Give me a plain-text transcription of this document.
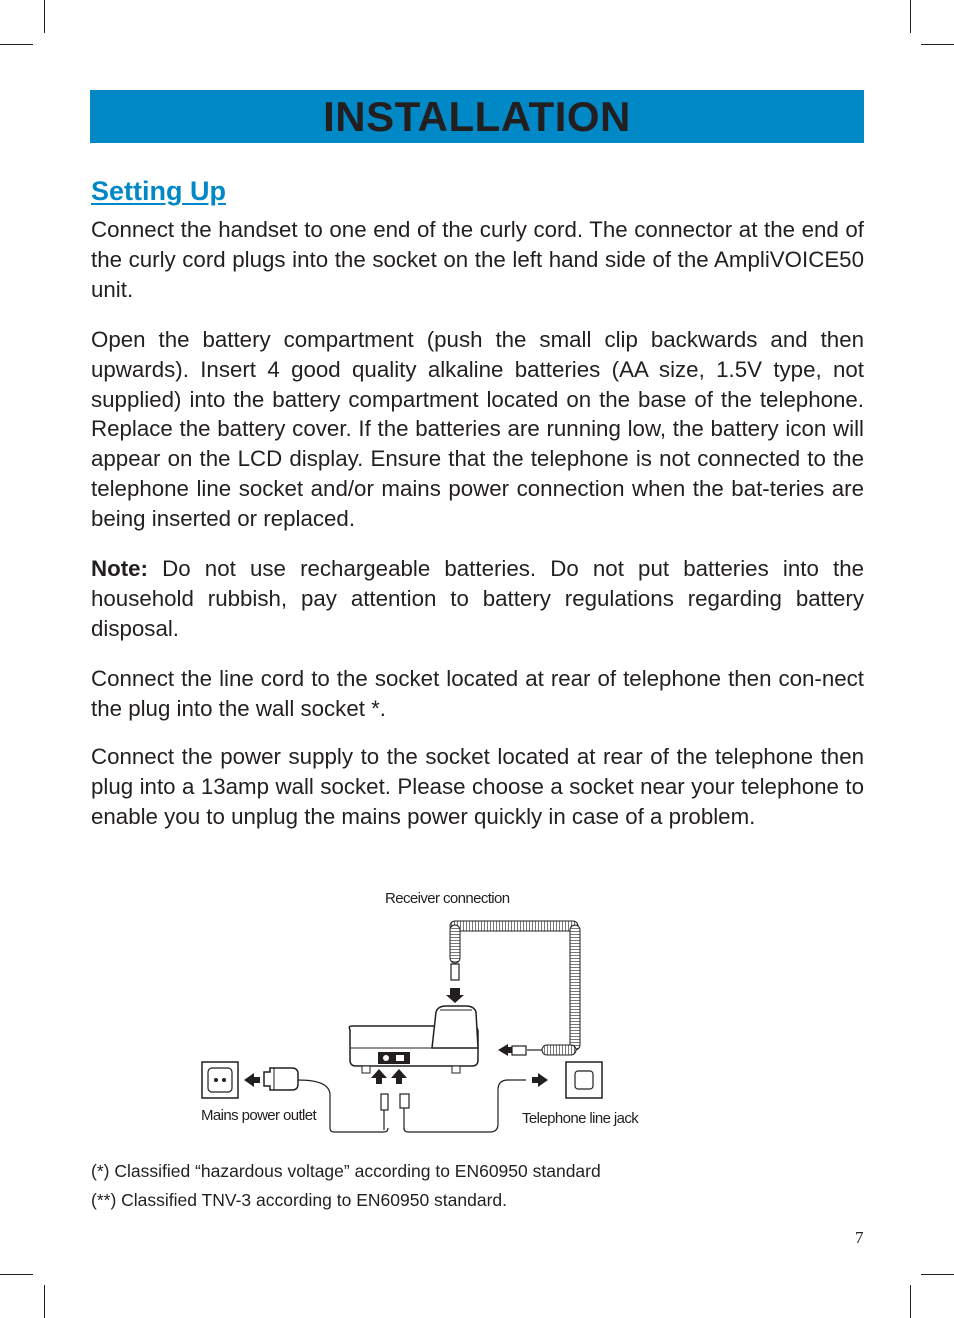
INSTALLATION
Setting Up

Connect the handset to one end of the curly cord. The connector at the end of the curly cord plugs into the socket on the left hand side of the AmpliVOICE50 unit.

Open the battery compartment (push the small clip backwards and then upwards). Insert 4 good quality alkaline batteries (AA size, 1.5V type, not supplied) into the battery compartment located on the base of the telephone. Replace the battery cover. If the batteries are running low, the battery icon will appear on the LCD display. Ensure that the telephone is not connected to the telephone line socket and/or mains power connection when the bat-teries are being inserted or replaced.

Note: Do not use rechargeable batteries. Do not put batteries into the household rubbish, pay attention to battery regulations regarding battery disposal.

Connect the line cord to the socket located at rear of telephone then con-nect the plug into the wall socket *.

Connect the power supply to the socket located at rear of the telephone then plug into a 13amp wall socket. Please choose a socket near your telephone to enable you to unplug the mains power quickly in case of a problem.

Receiver connection
Mains power outlet	Telephone line jack
(*) Classified “hazardous voltage” according to EN60950 standard
(**) Classified TNV-3 according to EN60950 standard.
7
